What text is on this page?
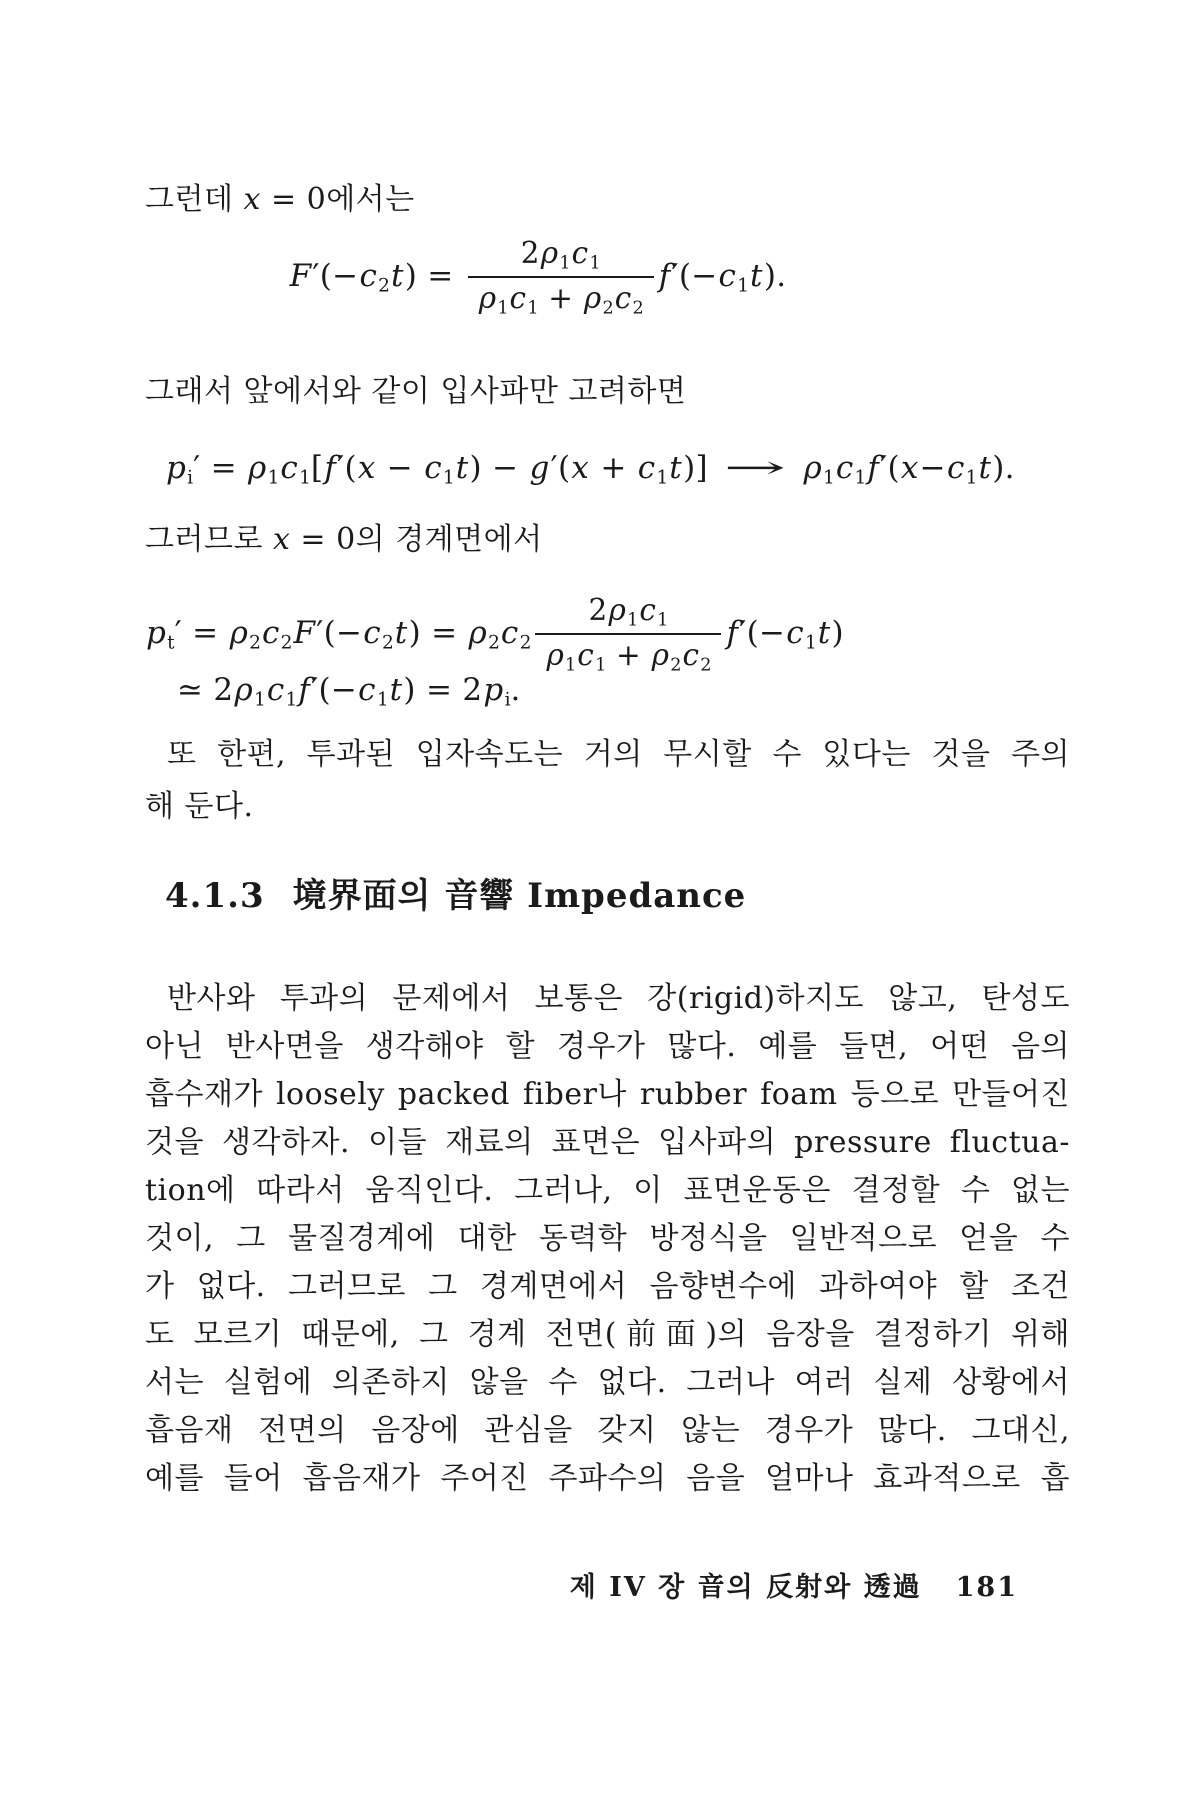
그런데 x = 0에서는
$F'(-c_2t) = \frac{2\rho_1c_1}{\rho_1c_1 + \rho_2c_2} f'(-c_1t)$.
그래서 앞에서와 같이 입사파만 고려하면
$p_i' = \rho_1c_1[f'(x - c_1t) - g'(x + c_1t)] \to \rho_1c_1f'(x-c_1t)$.
그러므로 x = 0의 경계면에서
$p_t' = \rho_2c_2F'(-c_2t) = \rho_2c_2 \frac{2\rho_1c_1}{\rho_1c_1 + \rho_2c_2} f'(-c_1t)$
≃ $2\rho_1c_1f'(-c_1t) = 2p_i$.
또 한편, 투과된 입자속도는 거의 무시할 수 있다는 것을 주의
해 둔다.
4.1.3 境界面의 音響 Impedance
반사와 투과의 문제에서 보통은 강(rigid)하지도 않고, 탄성도
아닌 반사면을 생각해야 할 경우가 많다. 예를 들면, 어떤 음의
흡수재가 loosely packed fiber나 rubber foam 등으로 만들어진
것을 생각하자. 이들 재료의 표면은 입사파의 pressure fluctua-
tion에 따라서 움직인다. 그러나, 이 표면운동은 결정할 수 없는
것이, 그 물질경계에 대한 동력학 방정식을 일반적으로 얻을 수
가 없다. 그러므로 그 경계면에서 음향변수에 과하여야 할 조건
도 모르기 때문에, 그 경계 전면(前面)의 음장을 결정하기 위해
서는 실험에 의존하지 않을 수 없다. 그러나 여러 실제 상황에서
흡음재 전면의 음장에 관심을 갖지 않는 경우가 많다. 그대신,
예를 들어 흡음재가 주어진 주파수의 음을 얼마나 효과적으로 흡
제 IV 장 音의 反射와 透過 181
